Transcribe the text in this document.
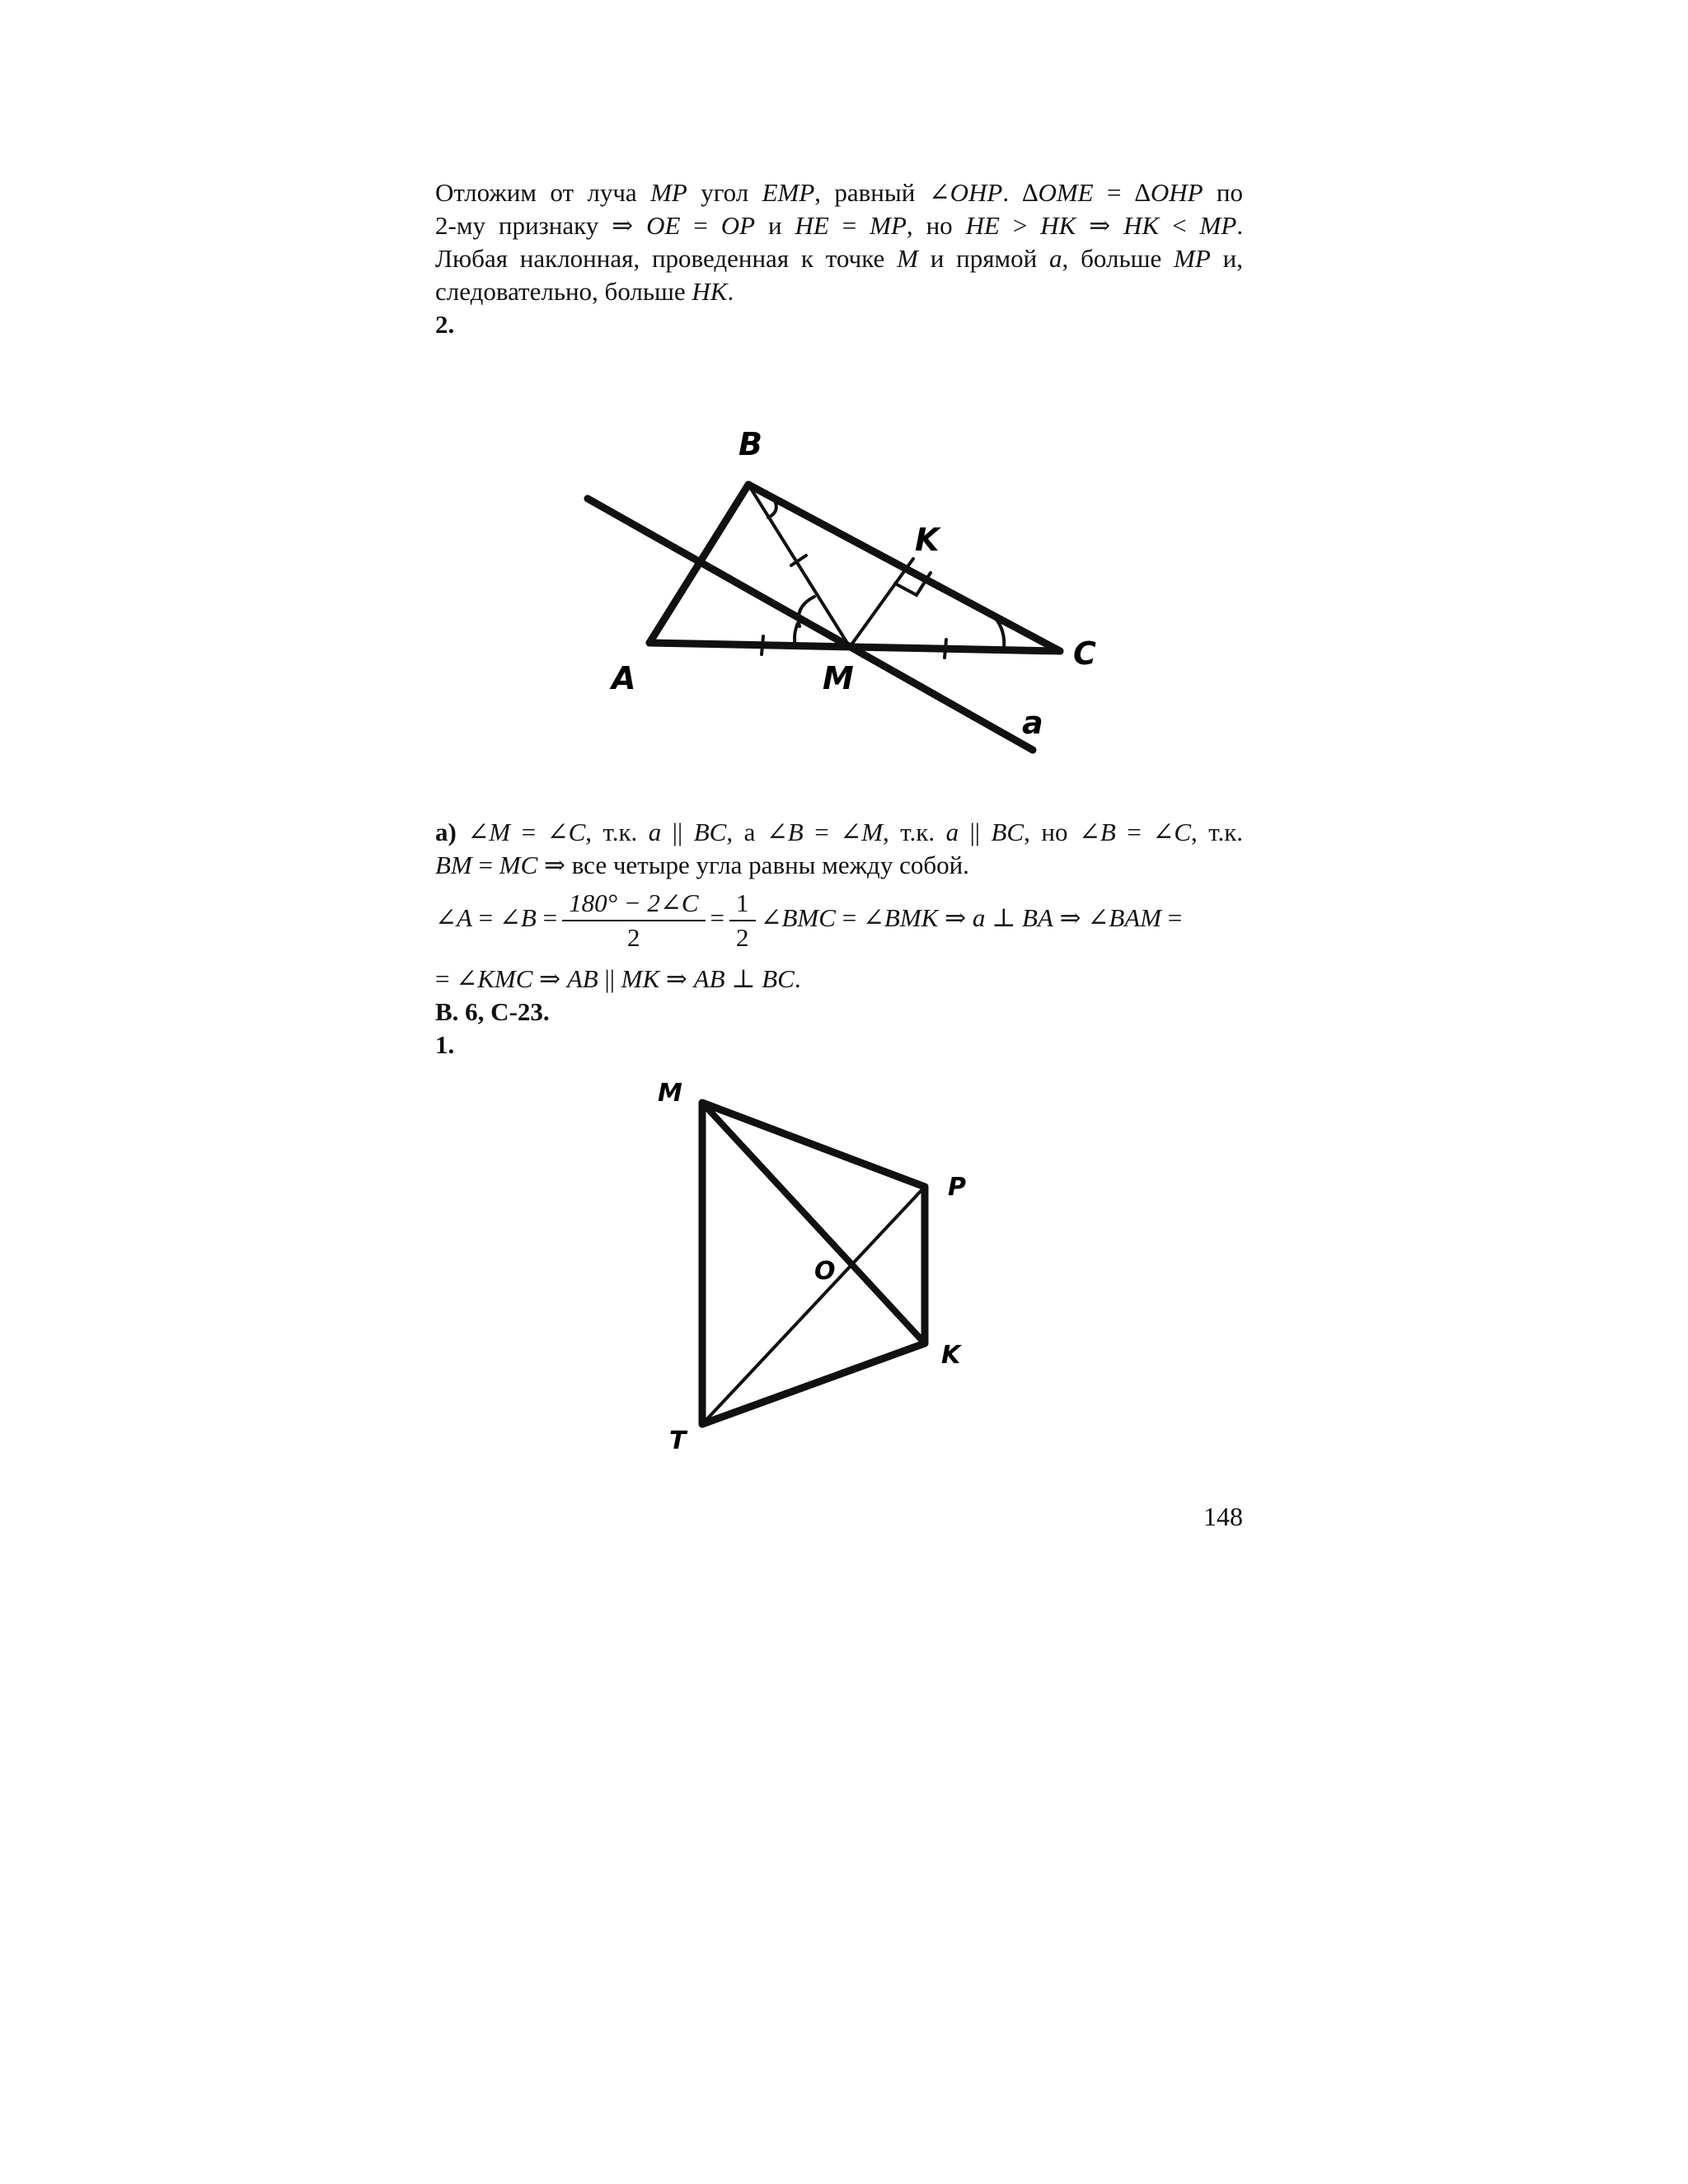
Отложим от луча MP угол EMP, равный ∠OHP. ∆OME = ∆OHP по
2-му признаку ⇒ OE = OP и HE = MP, но HE > HK ⇒ HK < MP.
Любая наклонная, проведенная к точке M и прямой a, больше MP и,
следовательно, больше HK.
2.
B
K
A	M
C
a
а) ∠M = ∠C, т.к. a || BC, а ∠B = ∠M, т.к. a || BC, но ∠B = ∠C, т.к.
BM = MC ⇒ все четыре угла равны между собой.
∠A = ∠B = $\frac{180^\circ - 2\angle C}{2} = \frac{1}{2}$ ∠BMC = ∠BMK ⇒ a ⊥ BA ⇒ ∠BAM =
= ∠KMC ⇒ AB || MK ⇒ AB ⊥ BC.
В. 6, С-23.
1.
M
P
O
K
T
148
